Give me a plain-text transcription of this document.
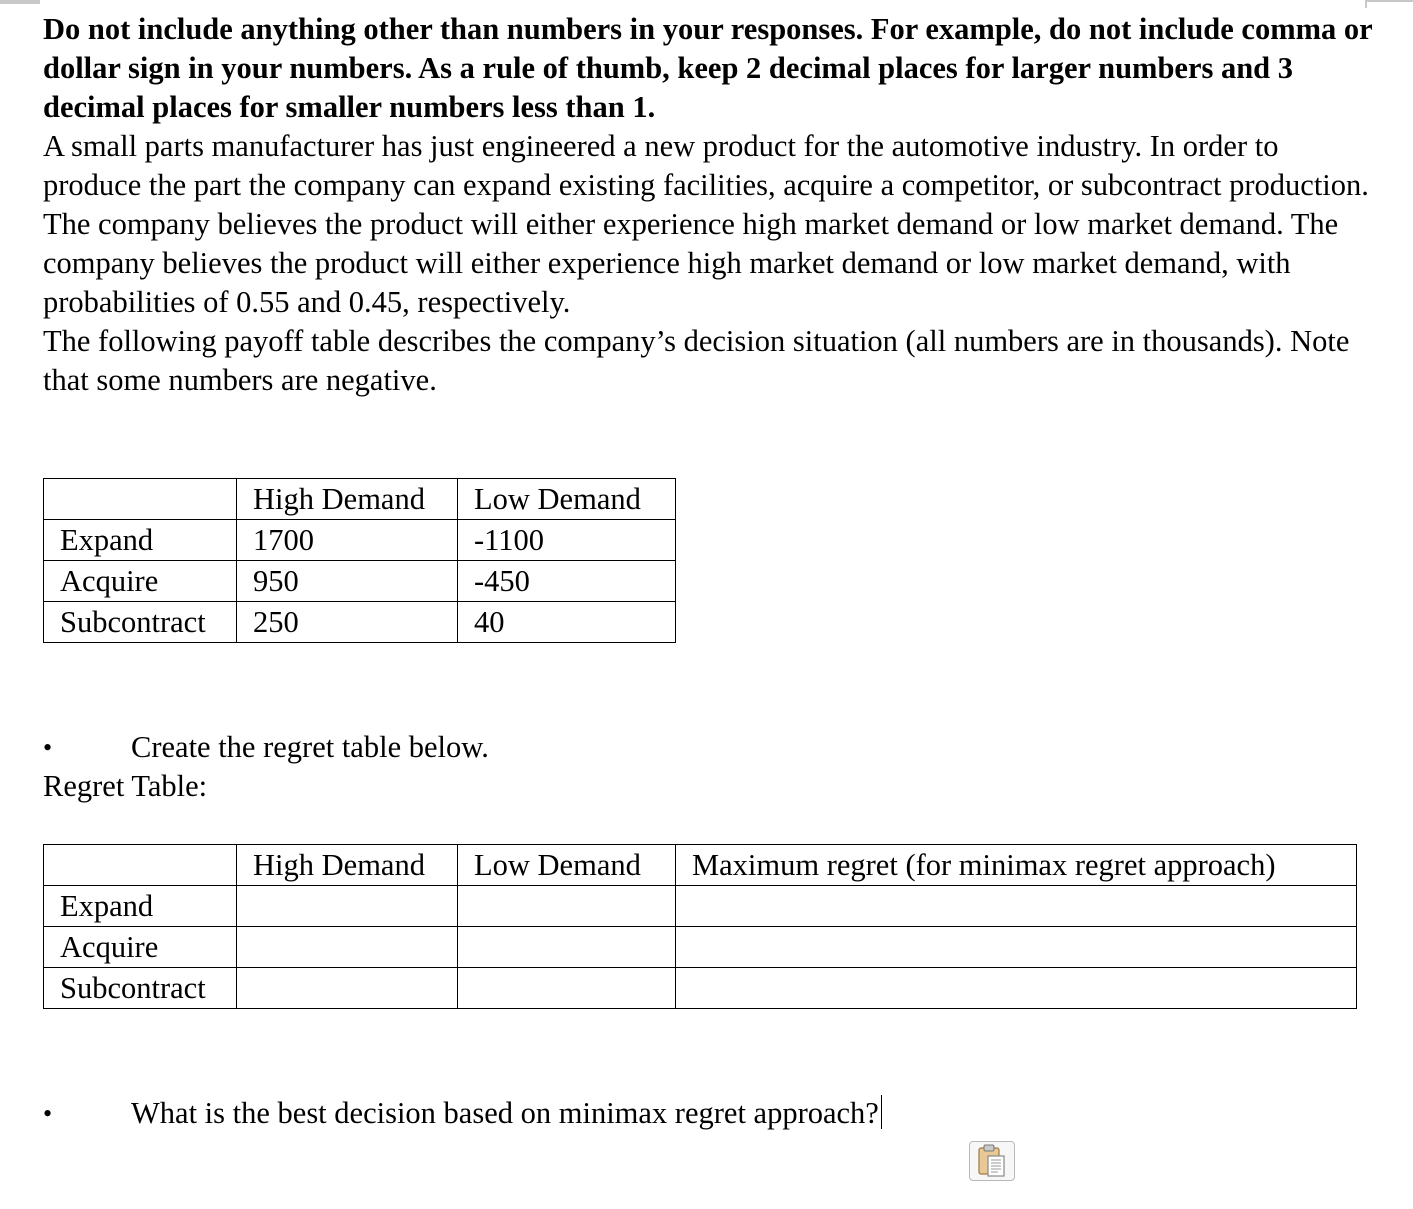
Do not include anything other than numbers in your responses. For example, do not include comma or dollar sign in your numbers. As a rule of thumb, keep 2 decimal places for larger numbers and 3 decimal places for smaller numbers less than 1.

A small parts manufacturer has just engineered a new product for the automotive industry. In order to produce the part the company can expand existing facilities, acquire a competitor, or subcontract production. The company believes the product will either experience high market demand or low market demand. The company believes the product will either experience high market demand or low market demand, with probabilities of 0.55 and 0.45, respectively.

The following payoff table describes the company’s decision situation (all numbers are in thousands). Note that some numbers are negative.

	High Demand	Low Demand
Expand	1700	-1100
Acquire	950	-450
Subcontract	250	40
•	Create the regret table below.
Regret Table:
	High Demand	Low Demand	Maximum regret (for minimax regret approach)
Expand			
Acquire			
Subcontract			
•	What is the best decision based on minimax regret approach?
